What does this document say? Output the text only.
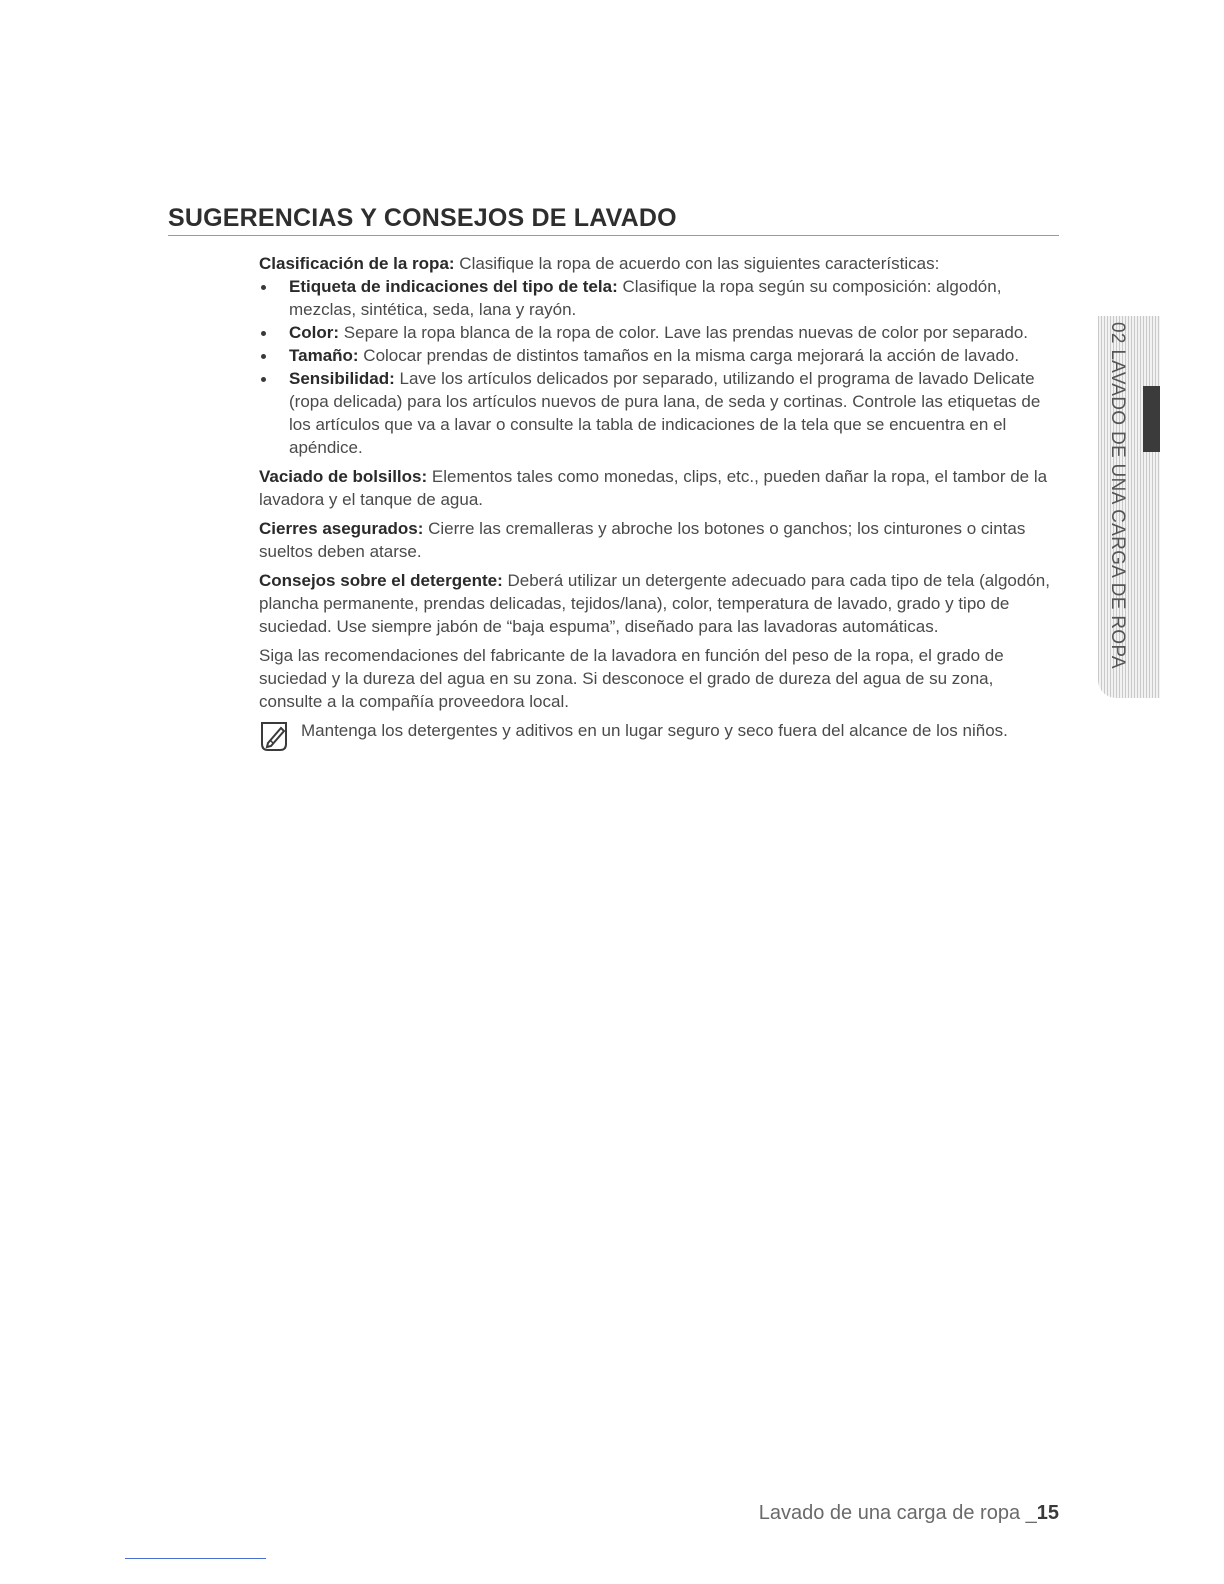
SUGERENCIAS Y CONSEJOS DE LAVADO

Clasificación de la ropa: Clasifique la ropa de acuerdo con las siguientes características:

Etiqueta de indicaciones del tipo de tela: Clasifique la ropa según su composición: algodón, mezclas, sintética, seda, lana y rayón.
Color: Separe la ropa blanca de la ropa de color. Lave las prendas nuevas de color por separado.
Tamaño: Colocar prendas de distintos tamaños en la misma carga mejorará la acción de lavado.
Sensibilidad: Lave los artículos delicados por separado, utilizando el programa de lavado Delicate (ropa delicada) para los artículos nuevos de pura lana, de seda y cortinas. Controle las etiquetas de los artículos que va a lavar o consulte la tabla de indicaciones de la tela que se encuentra en el apéndice.

Vaciado de bolsillos: Elementos tales como monedas, clips, etc., pueden dañar la ropa, el tambor de la lavadora y el tanque de agua.

Cierres asegurados: Cierre las cremalleras y abroche los botones o ganchos; los cinturones o cintas sueltos deben atarse.

Consejos sobre el detergente: Deberá utilizar un detergente adecuado para cada tipo de tela (algodón, plancha permanente, prendas delicadas, tejidos/lana), color, temperatura de lavado, grado y tipo de suciedad. Use siempre jabón de “baja espuma”, diseñado para las lavadoras automáticas.

Siga las recomendaciones del fabricante de la lavadora en función del peso de la ropa, el grado de suciedad y la dureza del agua en su zona. Si desconoce el grado de dureza del agua de su zona, consulte a la compañía proveedora local.

Mantenga los detergentes y aditivos en un lugar seguro y seco fuera del alcance de los niños.
02 LAVADO DE UNA CARGA DE ROPA
Lavado de una carga de ropa _15
